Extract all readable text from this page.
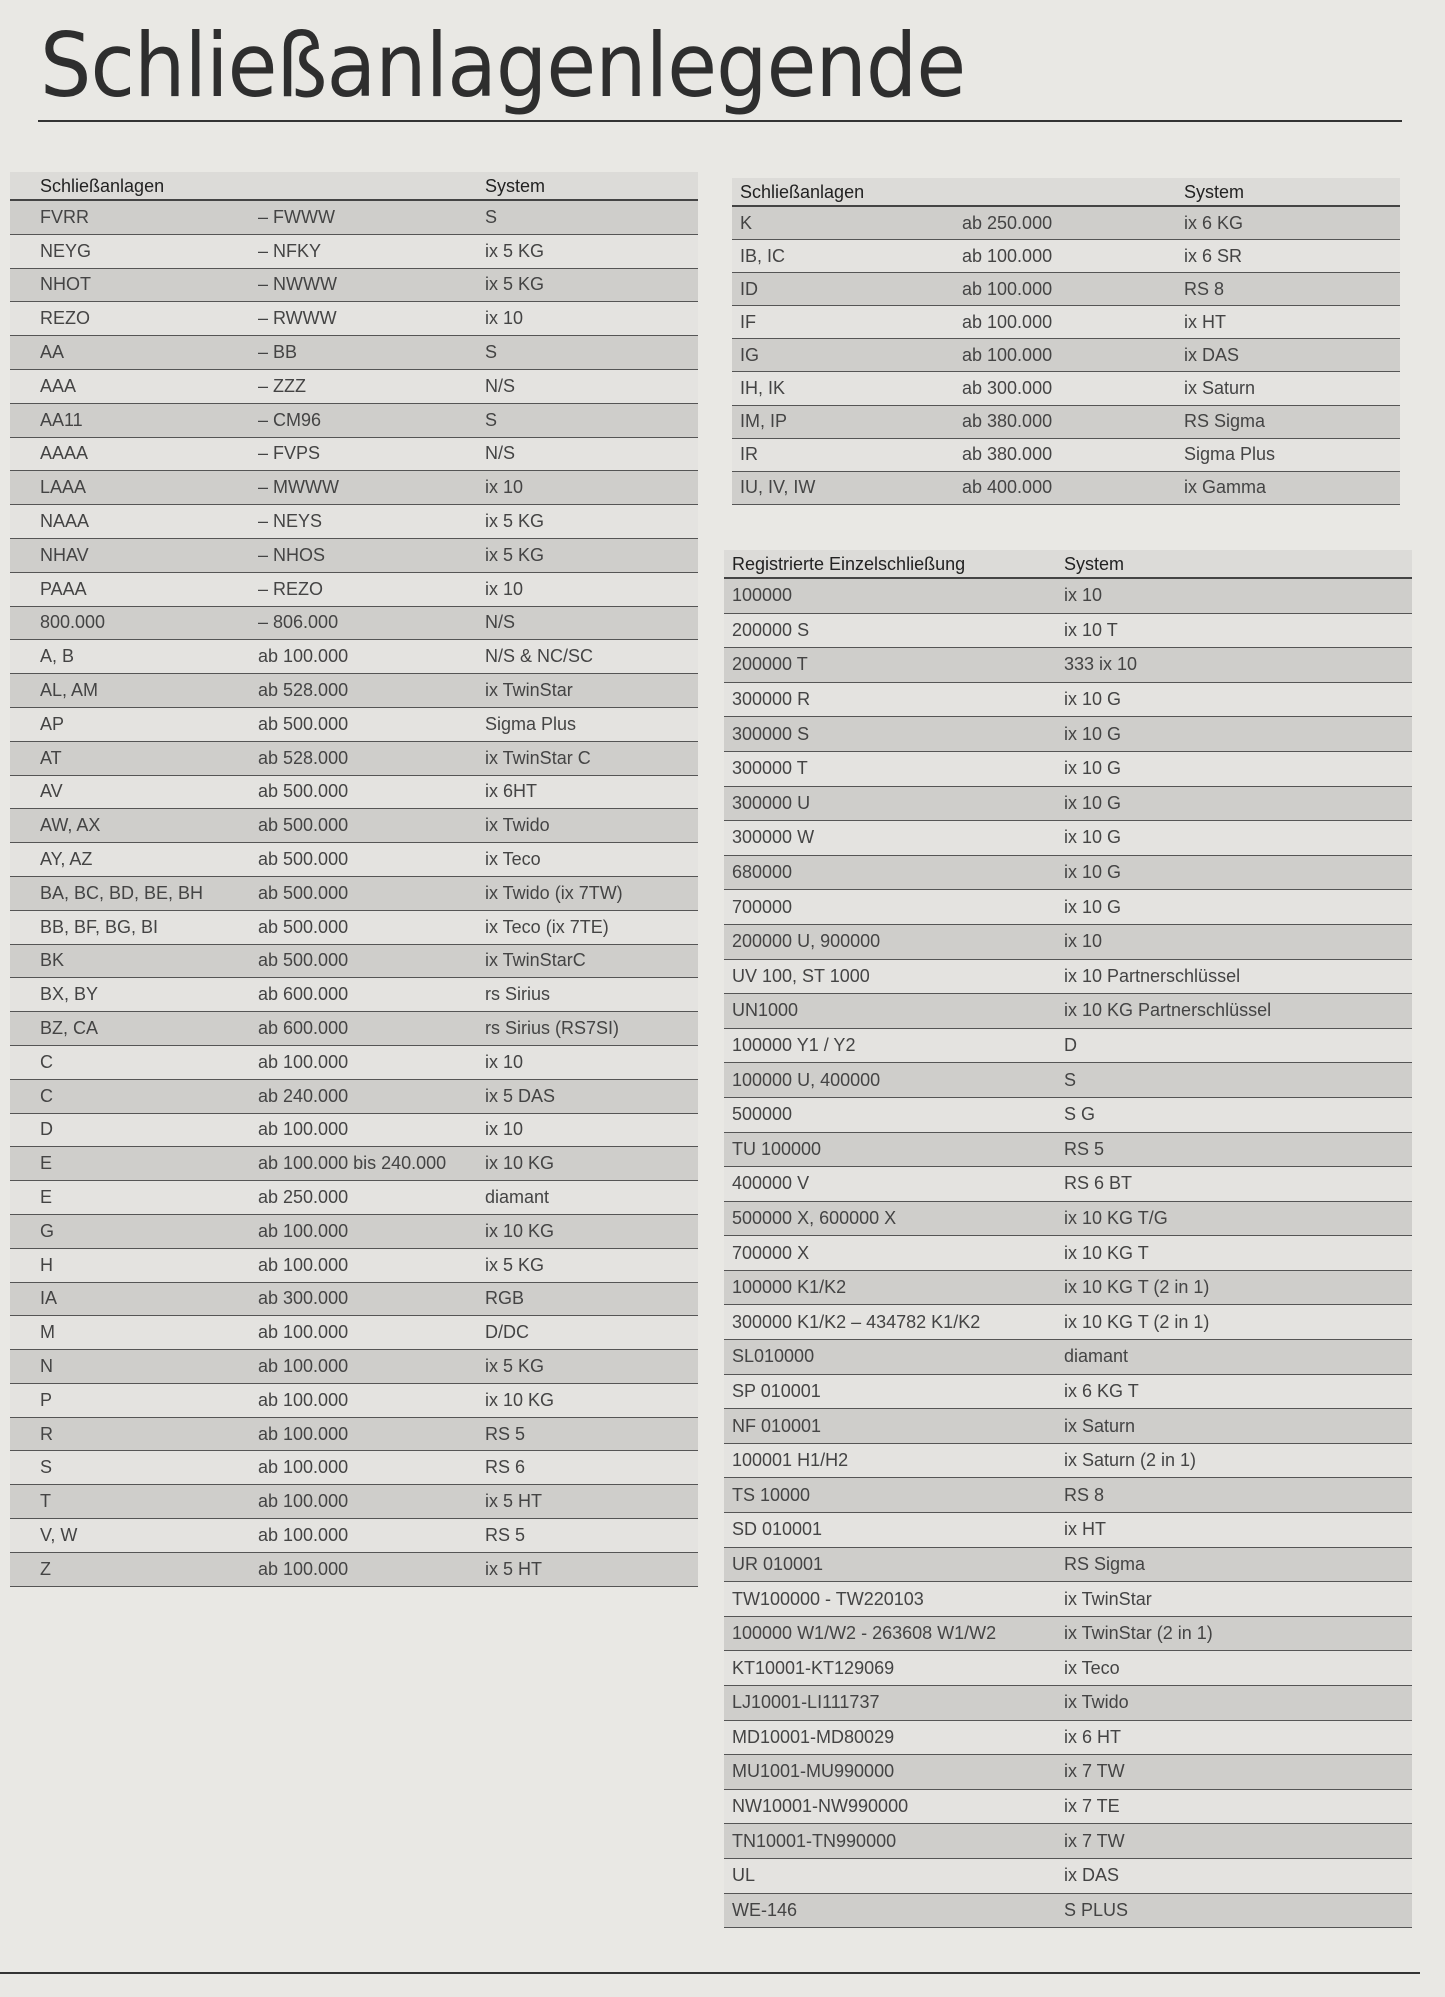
Schließanlagenlegende
Schließanlagen		System
FVRR	– FWWW	S
NEYG	– NFKY	ix 5 KG
NHOT	– NWWW	ix 5 KG
REZO	– RWWW	ix 10
AA	– BB	S
AAA	– ZZZ	N/S
AA11	– CM96	S
AAAA	– FVPS	N/S
LAAA	– MWWW	ix 10
NAAA	– NEYS	ix 5 KG
NHAV	– NHOS	ix 5 KG
PAAA	– REZO	ix 10
800.000	– 806.000	N/S
A, B	ab 100.000	N/S & NC/SC
AL, AM	ab 528.000	ix TwinStar
AP	ab 500.000	Sigma Plus
AT	ab 528.000	ix TwinStar C
AV	ab 500.000	ix 6HT
AW, AX	ab 500.000	ix Twido
AY, AZ	ab 500.000	ix Teco
BA, BC, BD, BE, BH	ab 500.000	ix Twido (ix 7TW)
BB, BF, BG, BI	ab 500.000	ix Teco (ix 7TE)
BK	ab 500.000	ix TwinStarC
BX, BY	ab 600.000	rs Sirius
BZ, CA	ab 600.000	rs Sirius (RS7SI)
C	ab 100.000	ix 10
C	ab 240.000	ix 5 DAS
D	ab 100.000	ix 10
E	ab 100.000 bis 240.000	ix 10 KG
E	ab 250.000	diamant
G	ab 100.000	ix 10 KG
H	ab 100.000	ix 5 KG
IA	ab 300.000	RGB
M	ab 100.000	D/DC
N	ab 100.000	ix 5 KG
P	ab 100.000	ix 10 KG
R	ab 100.000	RS 5
S	ab 100.000	RS 6
T	ab 100.000	ix 5 HT
V, W	ab 100.000	RS 5
Z	ab 100.000	ix 5 HT
Schließanlagen		System
K	ab 250.000	ix 6 KG
IB, IC	ab 100.000	ix 6 SR
ID	ab 100.000	RS 8
IF	ab 100.000	ix HT
IG	ab 100.000	ix DAS
IH, IK	ab 300.000	ix Saturn
IM, IP	ab 380.000	RS Sigma
IR	ab 380.000	Sigma Plus
IU, IV, IW	ab 400.000	ix Gamma
Registrierte Einzelschließung	System
100000	ix 10
200000 S	ix 10 T
200000 T	333 ix 10
300000 R	ix 10 G
300000 S	ix 10 G
300000 T	ix 10 G
300000 U	ix 10 G
300000 W	ix 10 G
680000	ix 10 G
700000	ix 10 G
200000 U, 900000	ix 10
UV 100, ST 1000	ix 10 Partnerschlüssel
UN1000	ix 10 KG Partnerschlüssel
100000 Y1 / Y2	D
100000 U, 400000	S
500000	S G
TU 100000	RS 5
400000 V	RS 6 BT
500000 X, 600000 X	ix 10 KG T/G
700000 X	ix 10 KG T
100000 K1/K2	ix 10 KG T (2 in 1)
300000 K1/K2 – 434782 K1/K2	ix 10 KG T (2 in 1)
SL010000	diamant
SP 010001	ix 6 KG T
NF 010001	ix Saturn
100001 H1/H2	ix Saturn (2 in 1)
TS 10000	RS 8
SD 010001	ix HT
UR 010001	RS Sigma
TW100000 - TW220103	ix TwinStar
100000 W1/W2 - 263608 W1/W2	ix TwinStar (2 in 1)
KT10001-KT129069	ix Teco
LJ10001-LI111737	ix Twido
MD10001-MD80029	ix 6 HT
MU1001-MU990000	ix 7 TW
NW10001-NW990000	ix 7 TE
TN10001-TN990000	ix 7 TW
UL	ix DAS
WE-146	S PLUS
